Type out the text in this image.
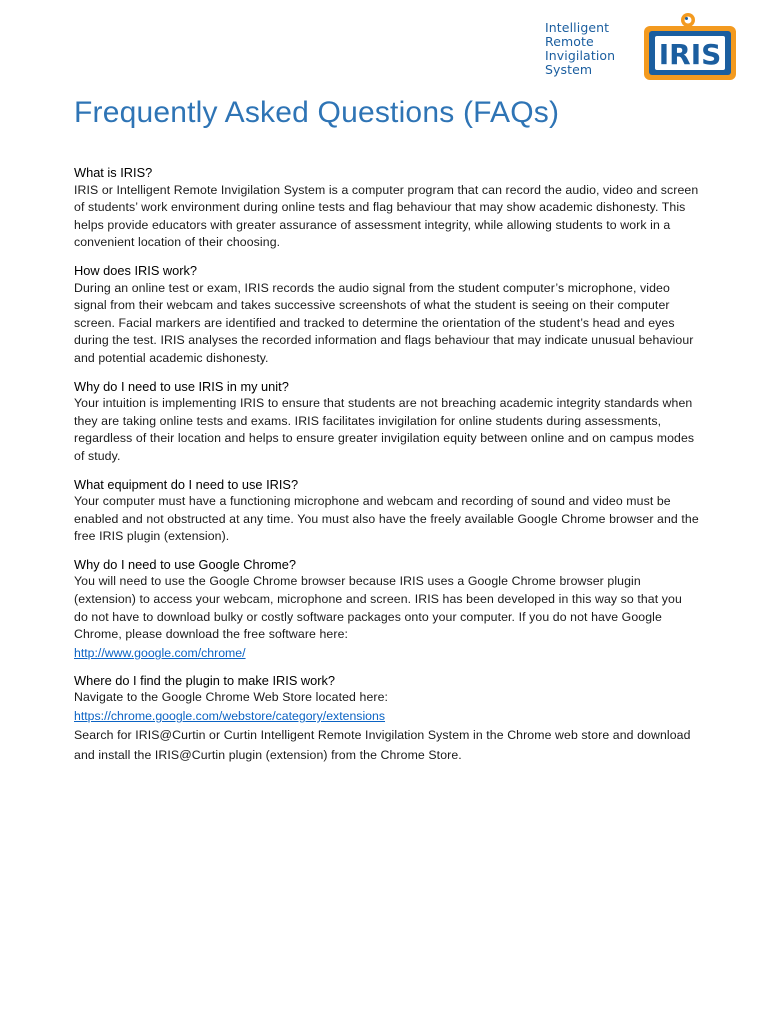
Intelligent
Remote
Invigilation
System	IRIS
Frequently Asked Questions (FAQs)

What is IRIS?

IRIS or Intelligent Remote Invigilation System is a computer program that can record the audio, video and screen of students’ work environment during online tests and flag behaviour that may show academic dishonesty. This helps provide educators with greater assurance of assessment integrity, while allowing students to work in a convenient location of their choosing.

How does IRIS work?

During an online test or exam, IRIS records the audio signal from the student computer’s microphone, video signal from their webcam and takes successive screenshots of what the student is seeing on their computer screen. Facial markers are identified and tracked to determine the orientation of the student’s head and eyes during the test. IRIS analyses the recorded information and flags behaviour that may indicate unusual behaviour and potential academic dishonesty.

Why do I need to use IRIS in my unit?

Your intuition is implementing IRIS to ensure that students are not breaching academic integrity standards when they are taking online tests and exams. IRIS facilitates invigilation for online students during assessments, regardless of their location and helps to ensure greater invigilation equity between online and on campus modes of study.

What equipment do I need to use IRIS?

Your computer must have a functioning microphone and webcam and recording of sound and video must be enabled and not obstructed at any time. You must also have the freely available Google Chrome browser and the free IRIS plugin (extension).

Why do I need to use Google Chrome?

You will need to use the Google Chrome browser because IRIS uses a Google Chrome browser plugin (extension) to access your webcam, microphone and screen. IRIS has been developed in this way so that you do not have to download bulky or costly software packages onto your computer. If you do not have Google Chrome, please download the free software here:

http://www.google.com/chrome/

Where do I find the plugin to make IRIS work?

Navigate to the Google Chrome Web Store located here:

https://chrome.google.com/webstore/category/extensions

Search for IRIS@Curtin or Curtin Intelligent Remote Invigilation System in the Chrome web store and download and install the IRIS@Curtin plugin (extension) from the Chrome Store.
